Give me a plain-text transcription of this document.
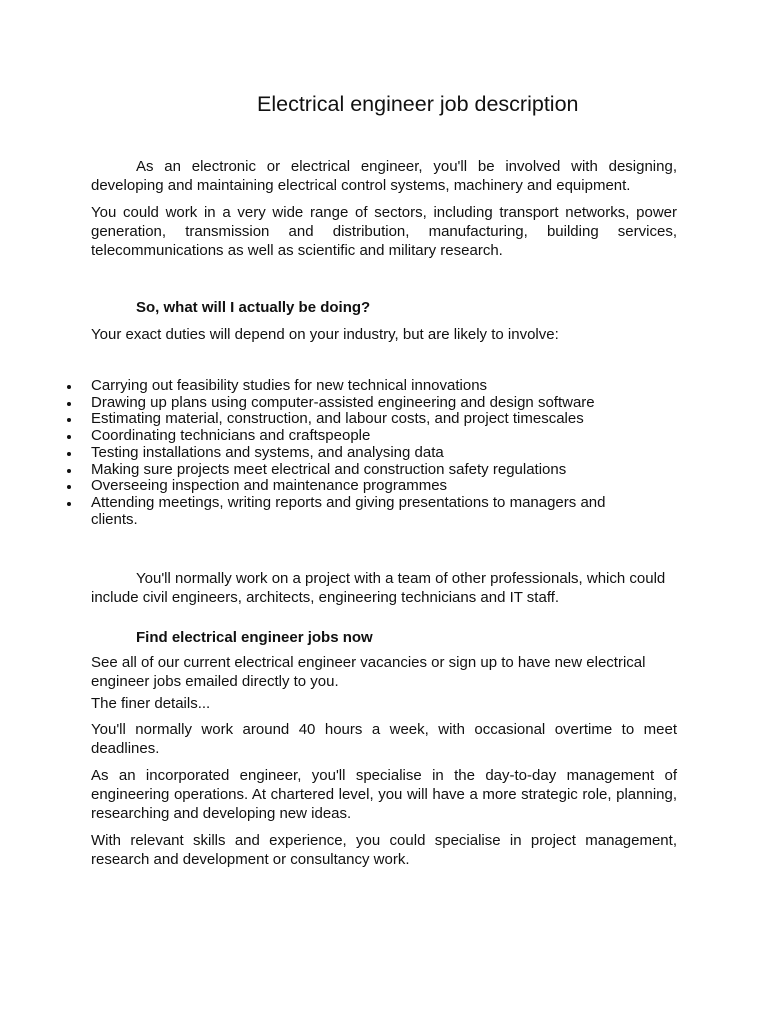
Electrical engineer job description

As an electronic or electrical engineer, you'll be involved with designing, developing and maintaining electrical control systems, machinery and equipment.

You could work in a very wide range of sectors, including transport networks, power generation, transmission and distribution, manufacturing, building services, telecommunications as well as scientific and military research.

So, what will I actually be doing?

Your exact duties will depend on your industry, but are likely to involve:

Carrying out feasibility studies for new technical innovations
Drawing up plans using computer-assisted engineering and design software
Estimating material, construction, and labour costs, and project timescales
Coordinating technicians and craftspeople
Testing installations and systems, and analysing data
Making sure projects meet electrical and construction safety regulations
Overseeing inspection and maintenance programmes
Attending meetings, writing reports and giving presentations to managers and clients.

You'll normally work on a project with a team of other professionals, which could include civil engineers, architects, engineering technicians and IT staff.

Find electrical engineer jobs now

See all of our current electrical engineer vacancies or sign up to have new electrical engineer jobs emailed directly to you.

The finer details...

You'll normally work around 40 hours a week, with occasional overtime to meet deadlines.

As an incorporated engineer, you'll specialise in the day-to-day management of engineering operations. At chartered level, you will have a more strategic role, planning, researching and developing new ideas.

With relevant skills and experience, you could specialise in project management, research and development or consultancy work.
